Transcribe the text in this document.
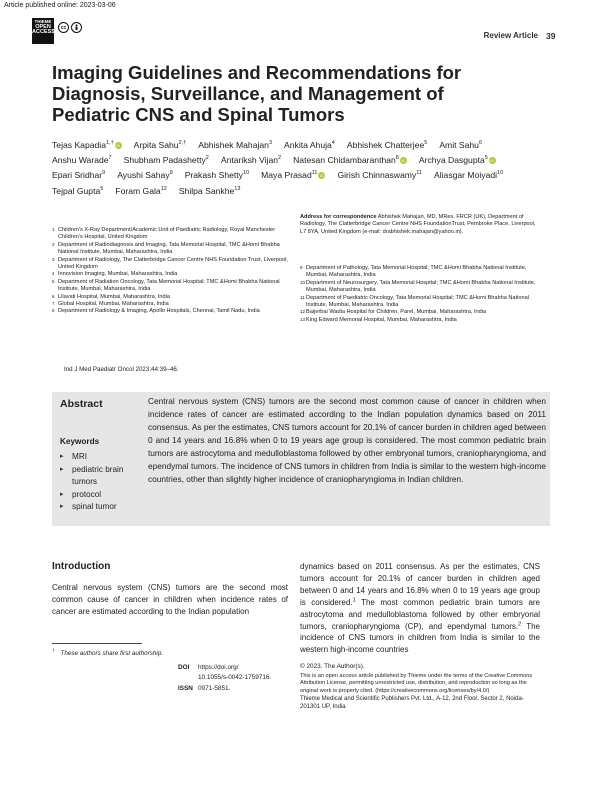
Article published online: 2023-03-06
THIEME
OPEN
ACCESS
cc
Review Article 39
Imaging Guidelines and Recommendations for Diagnosis, Surveillance, and Management of Pediatric CNS and Spinal Tumors
Tejas Kapadia$^{1,\dagger}$ iD Arpita Sahu$^{2,\dagger}$ Abhishek Mahajan$^3$ Ankita Ahuja$^4$ Abhishek Chatterjee$^5$ Amit Sahu$^6$Anshu Warade$^7$ Shubham Padashetty$^2$ Antariksh Vijan$^2$ Natesan Chidambaranthan$^8$ iD Archya Dasgupta$^5$ iDEpari Sridhar$^9$ Ayushi Sahay$^9$ Prakash Shetty$^{10}$ Maya Prasad$^{11}$ iD Girish Chinnaswamy$^{11}$ Aliasgar Moiyadi$^{10}$Tejpal Gupta$^5$ Foram Gala$^{12}$ Shilpa Sankhe$^{13}$
1 Children’s X-Ray Department/Academic Unit of Paediatric Radiology, Royal Manchester Children’s Hospital, United Kingdom
2 Department of Radiodiagnosis and Imaging, Tata Memorial Hospital, TMC &Homi Bhabha National Institute, Mumbai, Maharashtra, India
3 Department of Radiology, The Clatterbridge Cancer Centre NHS Foundation Trust, Liverpool, United Kingdom
4 Innovision Imaging, Mumbai, Maharashtra, India
5 Department of Radiation Oncology, Tata Memorial Hospital; TMC &Homi Bhabha National Institute, Mumbai, Maharashtra, India
6 Lilavati Hospital, Mumbai, Maharashtra, India
7 Global Hospital, Mumbai, Maharashtra, India
8 Department of Radiology & Imaging, Apollo Hospitals, Chennai, Tamil Nadu, India
Address for correspondence Abhishek Mahajan, MD, MRes, FRCR (UK), Department of Radiology, The Clatterbridge Cancer Centre NHS FoundationTrust, Pembroke Place, Liverpool, L7 8YA, United Kingdom (e-mail: drabhishek.mahajan@yahoo.in).
9 Department of Pathology, Tata Memorial Hospital; TMC &Homi Bhabha National Institute, Mumbai, Maharashtra, India
10 Department of Neurosurgery, Tata Memorial Hospital; TMC &Homi Bhabha National Institute, Mumbai, Maharashtra, India
11 Department of Paediatric Oncology, Tata Memorial Hospital; TMC &Homi Bhabha National Institute, Mumbai, Maharashtra, India
12 Baijerbai Wadia Hospital for Children, Parel, Mumbai, Maharashtra, India
13 King Edward Memorial Hospital, Mumbai, Maharashtra, India
Ind J Med Paediatr Oncol 2023;44:39–46.
Abstract
Keywords
▸ MRI
▸ pediatric brain tumors
▸ protocol
▸ spinal tumor
Central nervous system (CNS) tumors are the second most common cause of cancer in children when incidence rates of cancer are estimated according to the Indian population dynamics based on 2011 consensus. As per the estimates, CNS tumors account for 20.1% of cancer burden in children aged between 0 and 14 years and 16.8% when 0 to 19 years age group is considered. The most common pediatric brain tumors are astrocytoma and medulloblastoma followed by other embryonal tumors, craniopharyngioma, and ependymal tumors. The incidence of CNS tumors in children from India is similar to the western high-income countries, other than slightly higher incidence of craniopharyngioma in Indian children.
Introduction
Central nervous system (CNS) tumors are the second most common cause of cancer in children when incidence rates of cancer are estimated according to the Indian population
dynamics based on 2011 consensus. As per the estimates, CNS tumors account for 20.1% of cancer burden in children aged between 0 and 14 years and 16.8% when 0 to 19 years age group is considered.$^1$ The most common pediatric brain tumors are astrocytoma and medulloblastoma followed by other embryonal tumors, craniopharyngioma (CP), and ependymal tumors.$^2$ The incidence of CNS tumors in children from India is similar to the western high-income countries
† These authors share first authorship.
DOI https://doi.org/
10.1055/s-0042-1759716.
ISSN 0971-5851.
© 2023. The Author(s).
This is an open access article published by Thieme under the terms of the Creative Commons Attribution License, permitting unrestricted use, distribution, and reproduction so long as the original work is properly cited. (https://creativecommons.org/licenses/by/4.0/)
Thieme Medical and Scientific Publishers Pvt. Ltd., A-12, 2nd Floor, Sector 2, Noida-201301 UP, India
